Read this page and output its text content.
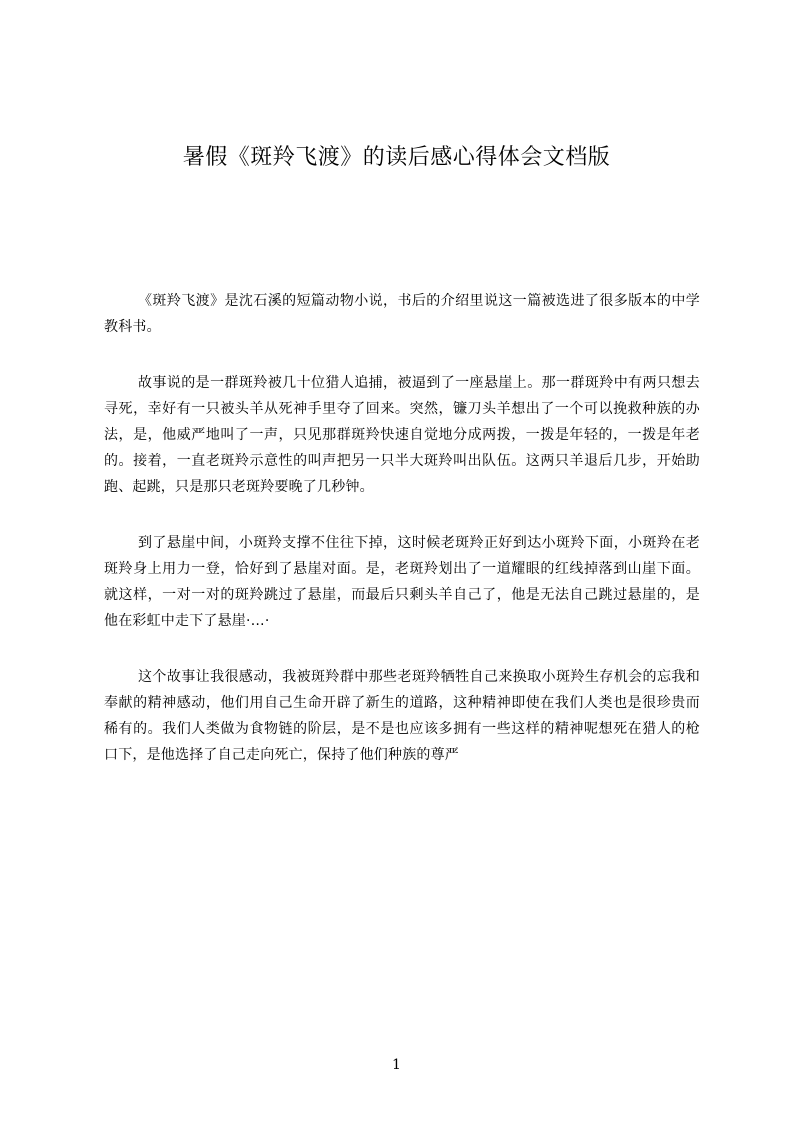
暑假《斑羚飞渡》的读后感心得体会文档版

《斑羚飞渡》是沈石溪的短篇动物小说，书后的介绍里说这一篇被选进了很多版本的中学教科书。

故事说的是一群斑羚被几十位猎人追捕，被逼到了一座悬崖上。那一群斑羚中有两只想去寻死，幸好有一只被头羊从死神手里夺了回来。突然，镰刀头羊想出了一个可以挽救种族的办法，是，他威严地叫了一声，只见那群斑羚快速自觉地分成两拨，一拨是年轻的，一拨是年老的。接着，一直老斑羚示意性的叫声把另一只半大斑羚叫出队伍。这两只羊退后几步，开始助跑、起跳，只是那只老斑羚要晚了几秒钟。

到了悬崖中间，小斑羚支撑不住往下掉，这时候老斑羚正好到达小斑羚下面，小斑羚在老斑羚身上用力一登，恰好到了悬崖对面。是，老斑羚划出了一道耀眼的红线掉落到山崖下面。就这样，一对一对的斑羚跳过了悬崖，而最后只剩头羊自己了，他是无法自己跳过悬崖的，是他在彩虹中走下了悬崖·…·

这个故事让我很感动，我被斑羚群中那些老斑羚牺牲自己来换取小斑羚生存机会的忘我和奉献的精神感动，他们用自己生命开辟了新生的道路，这种精神即使在我们人类也是很珍贵而稀有的。我们人类做为食物链的阶层，是不是也应该多拥有一些这样的精神呢想死在猎人的枪口下，是他选择了自己走向死亡，保持了他们种族的尊严

1
